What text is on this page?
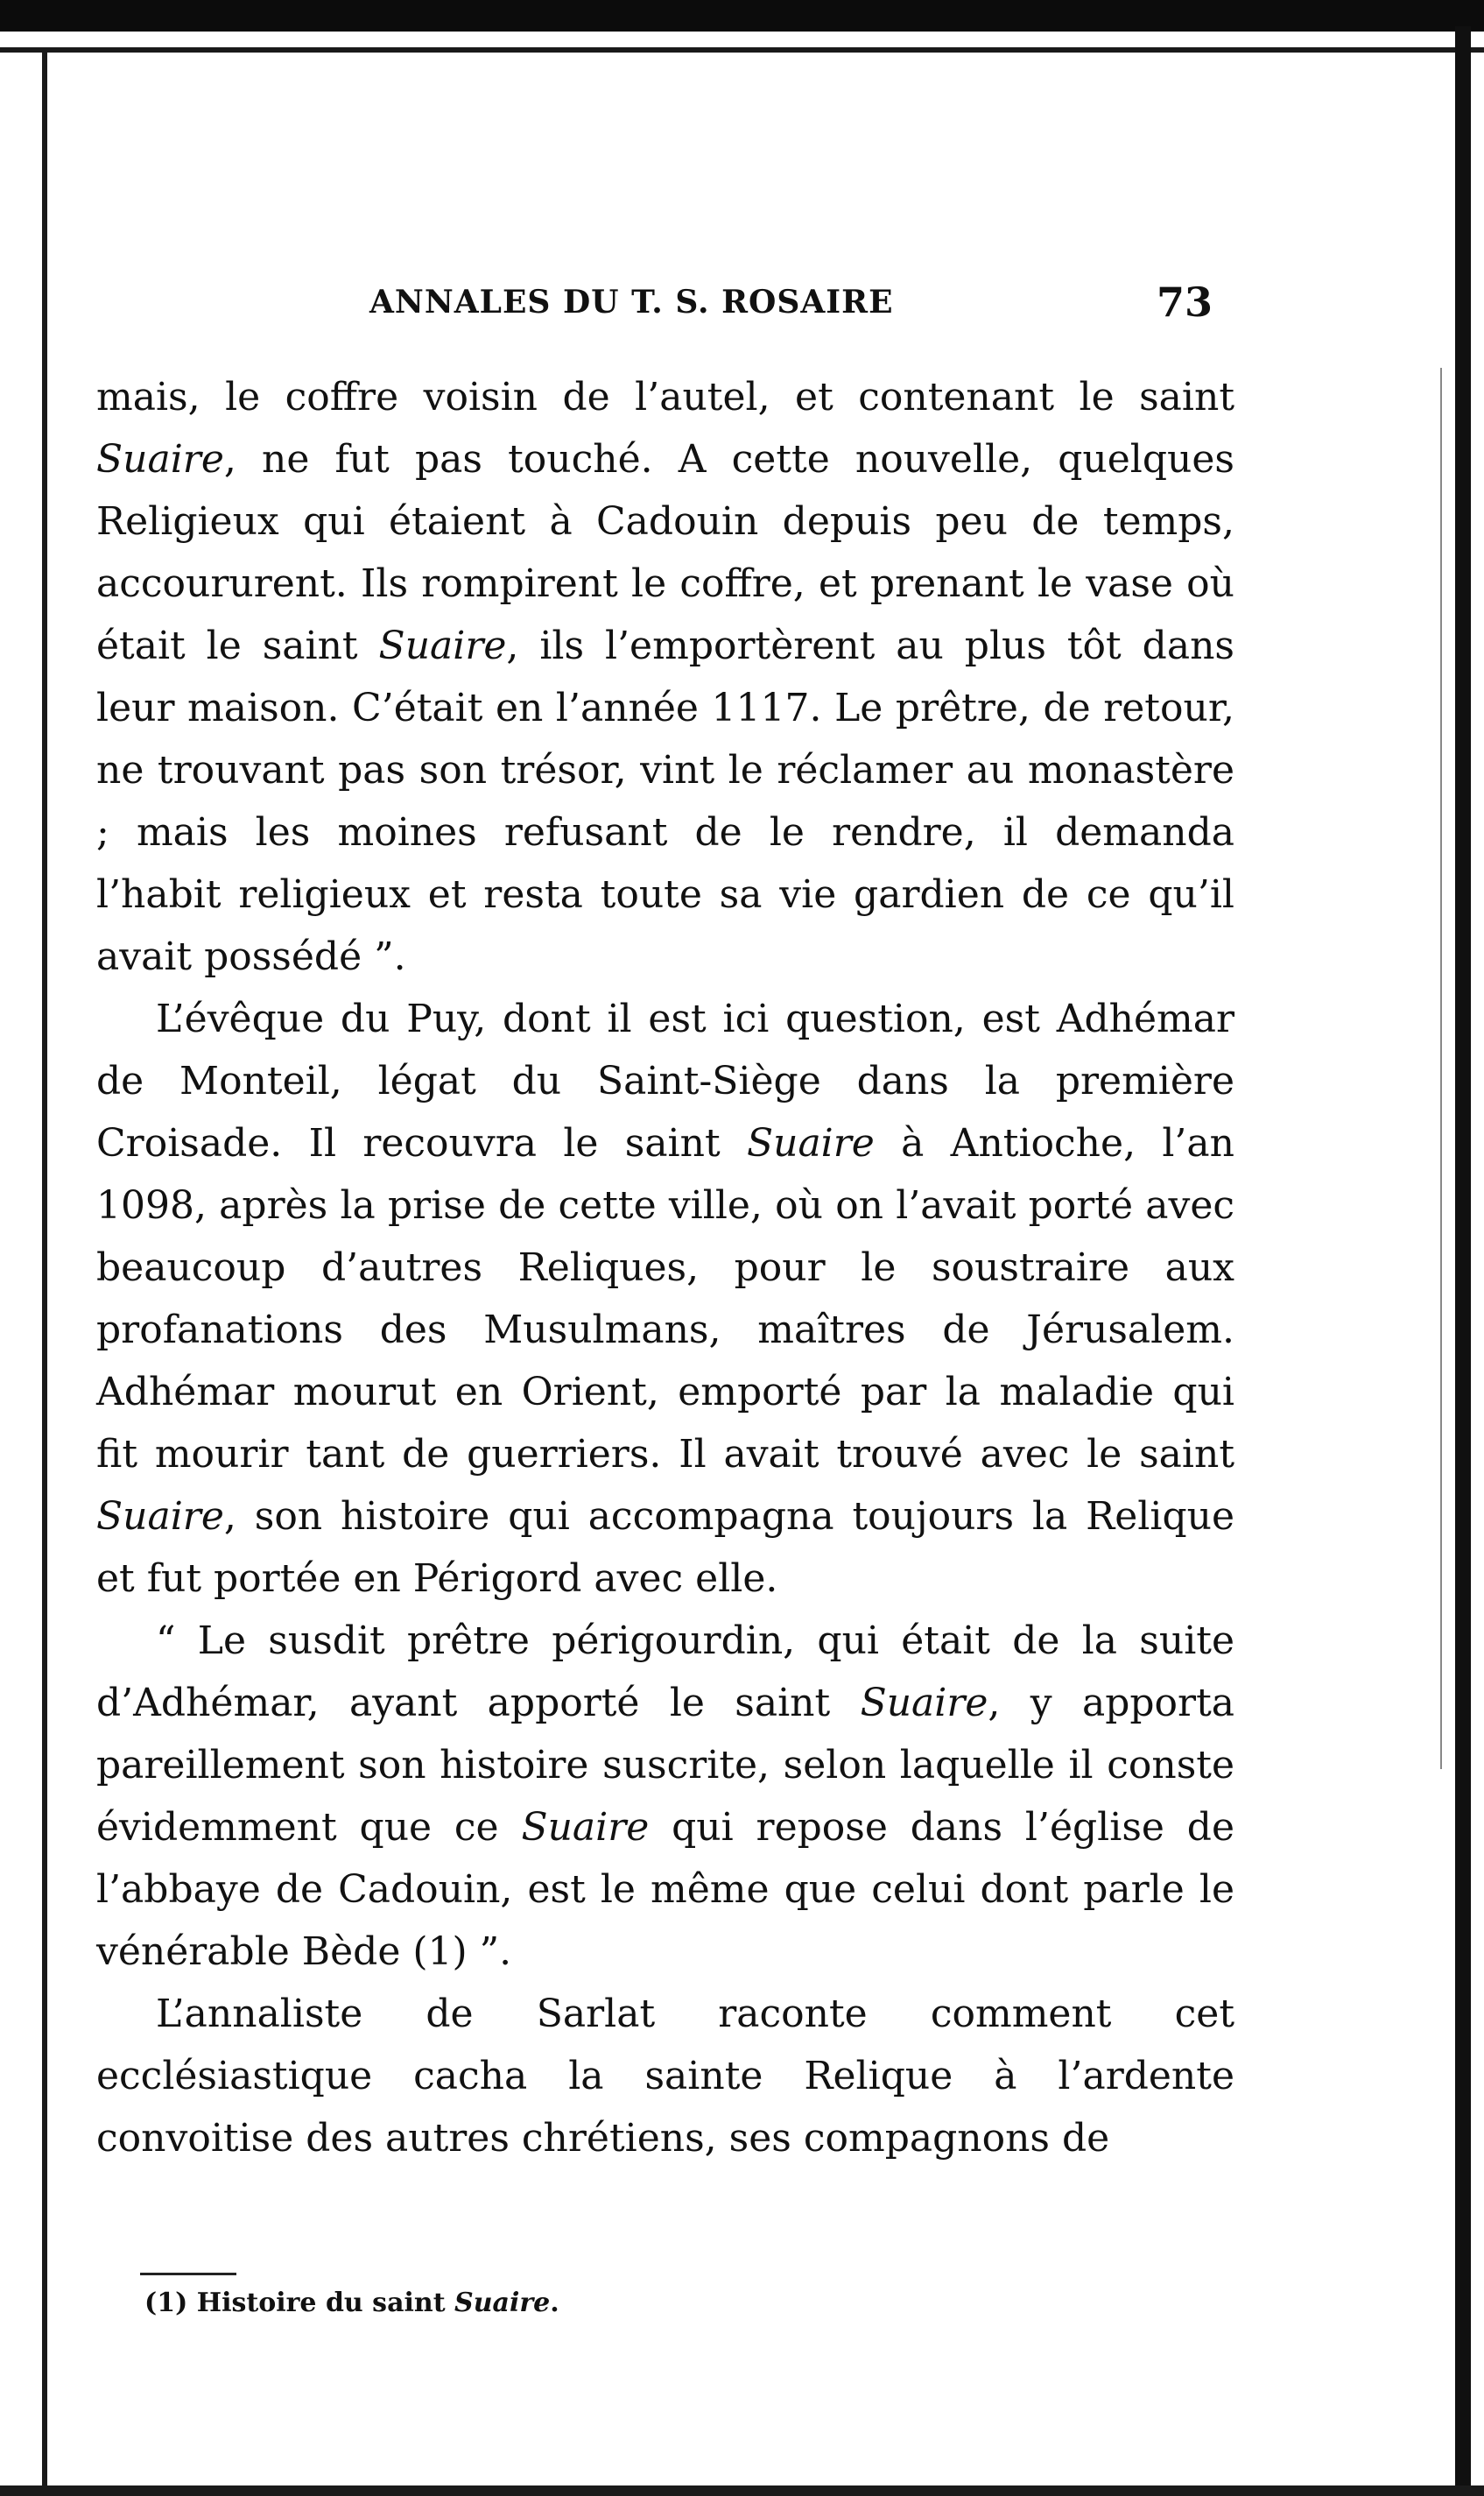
ANNALES DU T. S. ROSAIRE	73

mais, le coffre voisin de l’autel, et contenant le saint Suaire, ne fut pas touché. A cette nouvelle, quelques Religieux qui étaient à Cadouin depuis peu de temps, accoururent. Ils rompirent le coffre, et prenant le vase où était le saint Suaire, ils l’emportèrent au plus tôt dans leur maison. C’était en l’année 1117. Le prêtre, de retour, ne trouvant pas son trésor, vint le réclamer au monastère ; mais les moines refusant de le rendre, il demanda l’habit religieux et resta toute sa vie gardien de ce qu’il avait possédé ”.

L’évêque du Puy, dont il est ici question, est Adhémar de Monteil, légat du Saint-Siège dans la première Croisade. Il recouvra le saint Suaire à Antioche, l’an 1098, après la prise de cette ville, où on l’avait porté avec beaucoup d’autres Reliques, pour le soustraire aux profanations des Musulmans, maîtres de Jérusalem. Adhémar mourut en Orient, emporté par la maladie qui fit mourir tant de guerriers. Il avait trouvé avec le saint Suaire, son histoire qui accompagna toujours la Relique et fut portée en Périgord avec elle.

“ Le susdit prêtre périgourdin, qui était de la suite d’Adhémar, ayant apporté le saint Suaire, y apporta pareillement son histoire suscrite, selon laquelle il conste évidemment que ce Suaire qui repose dans l’église de l’abbaye de Cadouin, est le même que celui dont parle le vénérable Bède (1) ”.

L’annaliste de Sarlat raconte comment cet ecclésiastique cacha la sainte Relique à l’ardente convoitise des autres chrétiens, ses compagnons de

(1) Histoire du saint Suaire.
